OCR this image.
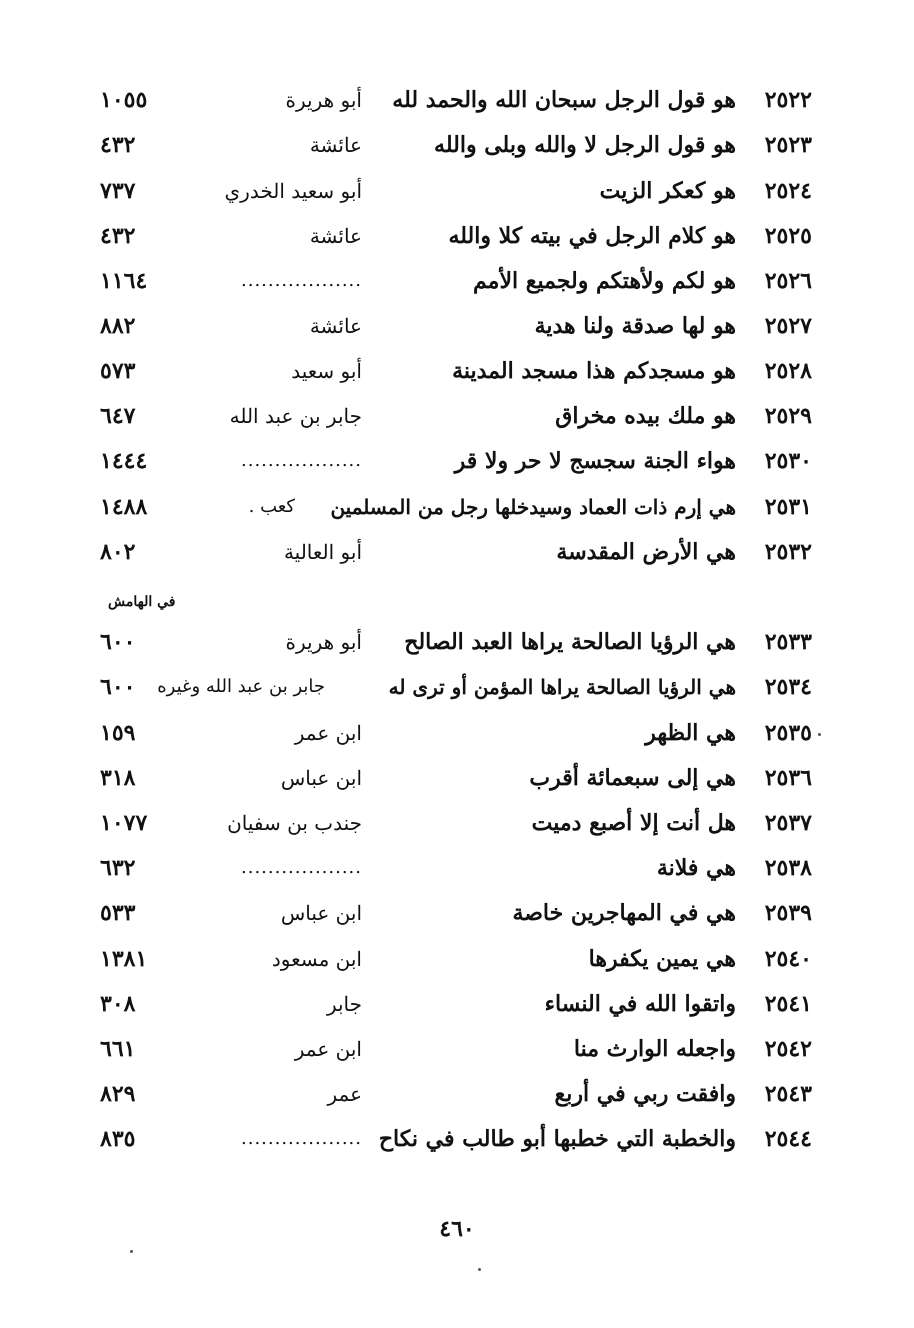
٢٥٢٢
هو قول الرجل سبحان الله والحمد لله
أبو هريرة
١٠٥٥
٢٥٢٣
هو قول الرجل لا والله وبلى والله
عائشة
٤٣٢
٢٥٢٤
هو كعكر الزيت
أبو سعيد الخدري
٧٣٧
٢٥٢٥
هو كلام الرجل في بيته كلا والله
عائشة
٤٣٢
٢٥٢٦
هو لكم ولأهتكم ولجميع الأمم
..................
١١٦٤
٢٥٢٧
هو لها صدقة ولنا هدية
عائشة
٨٨٢
٢٥٢٨
هو مسجدكم هذا مسجد المدينة
أبو سعيد
٥٧٣
٢٥٢٩
هو ملك بيده مخراق
جابر بن عبد الله
٦٤٧
٢٥٣٠
هواء الجنة سجسج لا حر ولا قر
..................
١٤٤٤
٢٥٣١
هي إرم ذات العماد وسيدخلها رجل من المسلمين
كعب .
١٤٨٨
٢٥٣٢
هي الأرض المقدسة
أبو العالية
٨٠٢
في الهامش
٢٥٣٣
هي الرؤيا الصالحة يراها العبد الصالح
أبو هريرة
٦٠٠
٢٥٣٤
هي الرؤيا الصالحة يراها المؤمن أو ترى له
جابر بن عبد الله وغيره
٦٠٠
٢٥٣٥
هي الظهر
ابن عمر
١٥٩
٢٥٣٦
هي إلى سبعمائة أقرب
ابن عباس
٣١٨
٢٥٣٧
هل أنت إلا أصبع دميت
جندب بن سفيان
١٠٧٧
٢٥٣٨
هي فلانة
..................
٦٣٢
٢٥٣٩
هي في المهاجرين خاصة
ابن عباس
٥٣٣
٢٥٤٠
هي يمين يكفرها
ابن مسعود
١٣٨١
٢٥٤١
واتقوا الله في النساء
جابر
٣٠٨
٢٥٤٢
واجعله الوارث منا
ابن عمر
٦٦١
٢٥٤٣
وافقت ربي في أربع
عمر
٨٢٩
٢٥٤٤
والخطبة التي خطبها أبو طالب في نكاح
..................
٨٣٥
٤٦٠
